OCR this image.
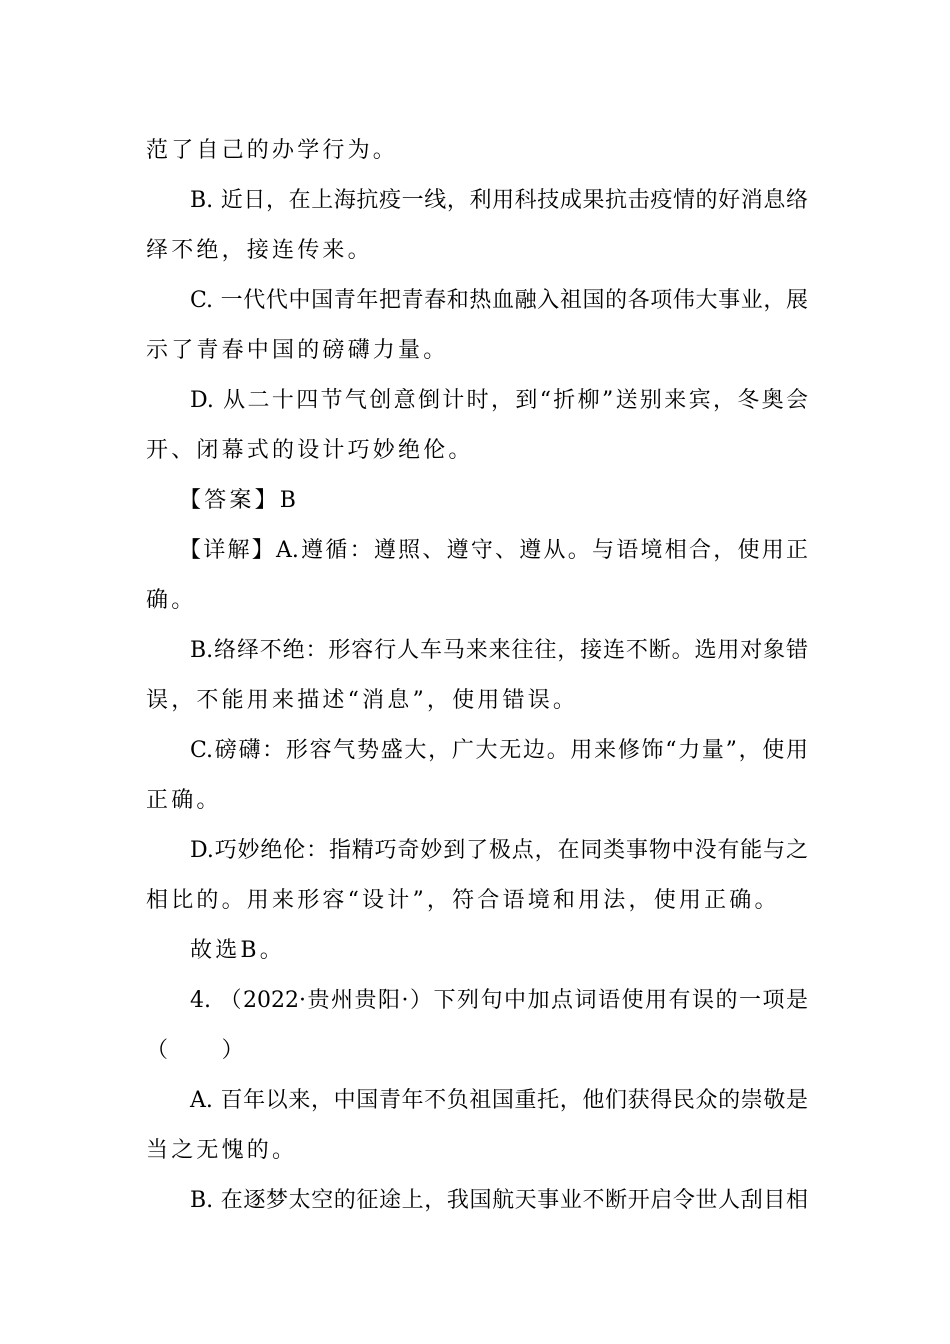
范了自己的办学行为。
B. 近日，在上海抗疫一线，利用科技成果抗击疫情的好消息络
绎不绝，接连传来。
C. 一代代中国青年把青春和热血融入祖国的各项伟大事业，展
示了青春中国的磅礴力量。
D. 从二十四节气创意倒计时，到“折柳”送别来宾，冬奥会
开、闭幕式的设计巧妙绝伦。
【答案】B
【详解】A.遵循：遵照、遵守、遵从。与语境相合，使用正
确。
B.络绎不绝：形容行人车马来来往往，接连不断。选用对象错
误，不能用来描述“消息”，使用错误。
C.磅礴：形容气势盛大，广大无边。用来修饰“力量”，使用
正确。
D.巧妙绝伦：指精巧奇妙到了极点，在同类事物中没有能与之
相比的。用来形容“设计”，符合语境和用法，使用正确。
故选B。
4. （2022·贵州贵阳·）下列句中加点词语使用有误的一项是
（　　）
A. 百年以来，中国青年不负祖国重托，他们获得民众的崇敬是
当之无愧的。
B. 在逐梦太空的征途上，我国航天事业不断开启令世人刮目相
